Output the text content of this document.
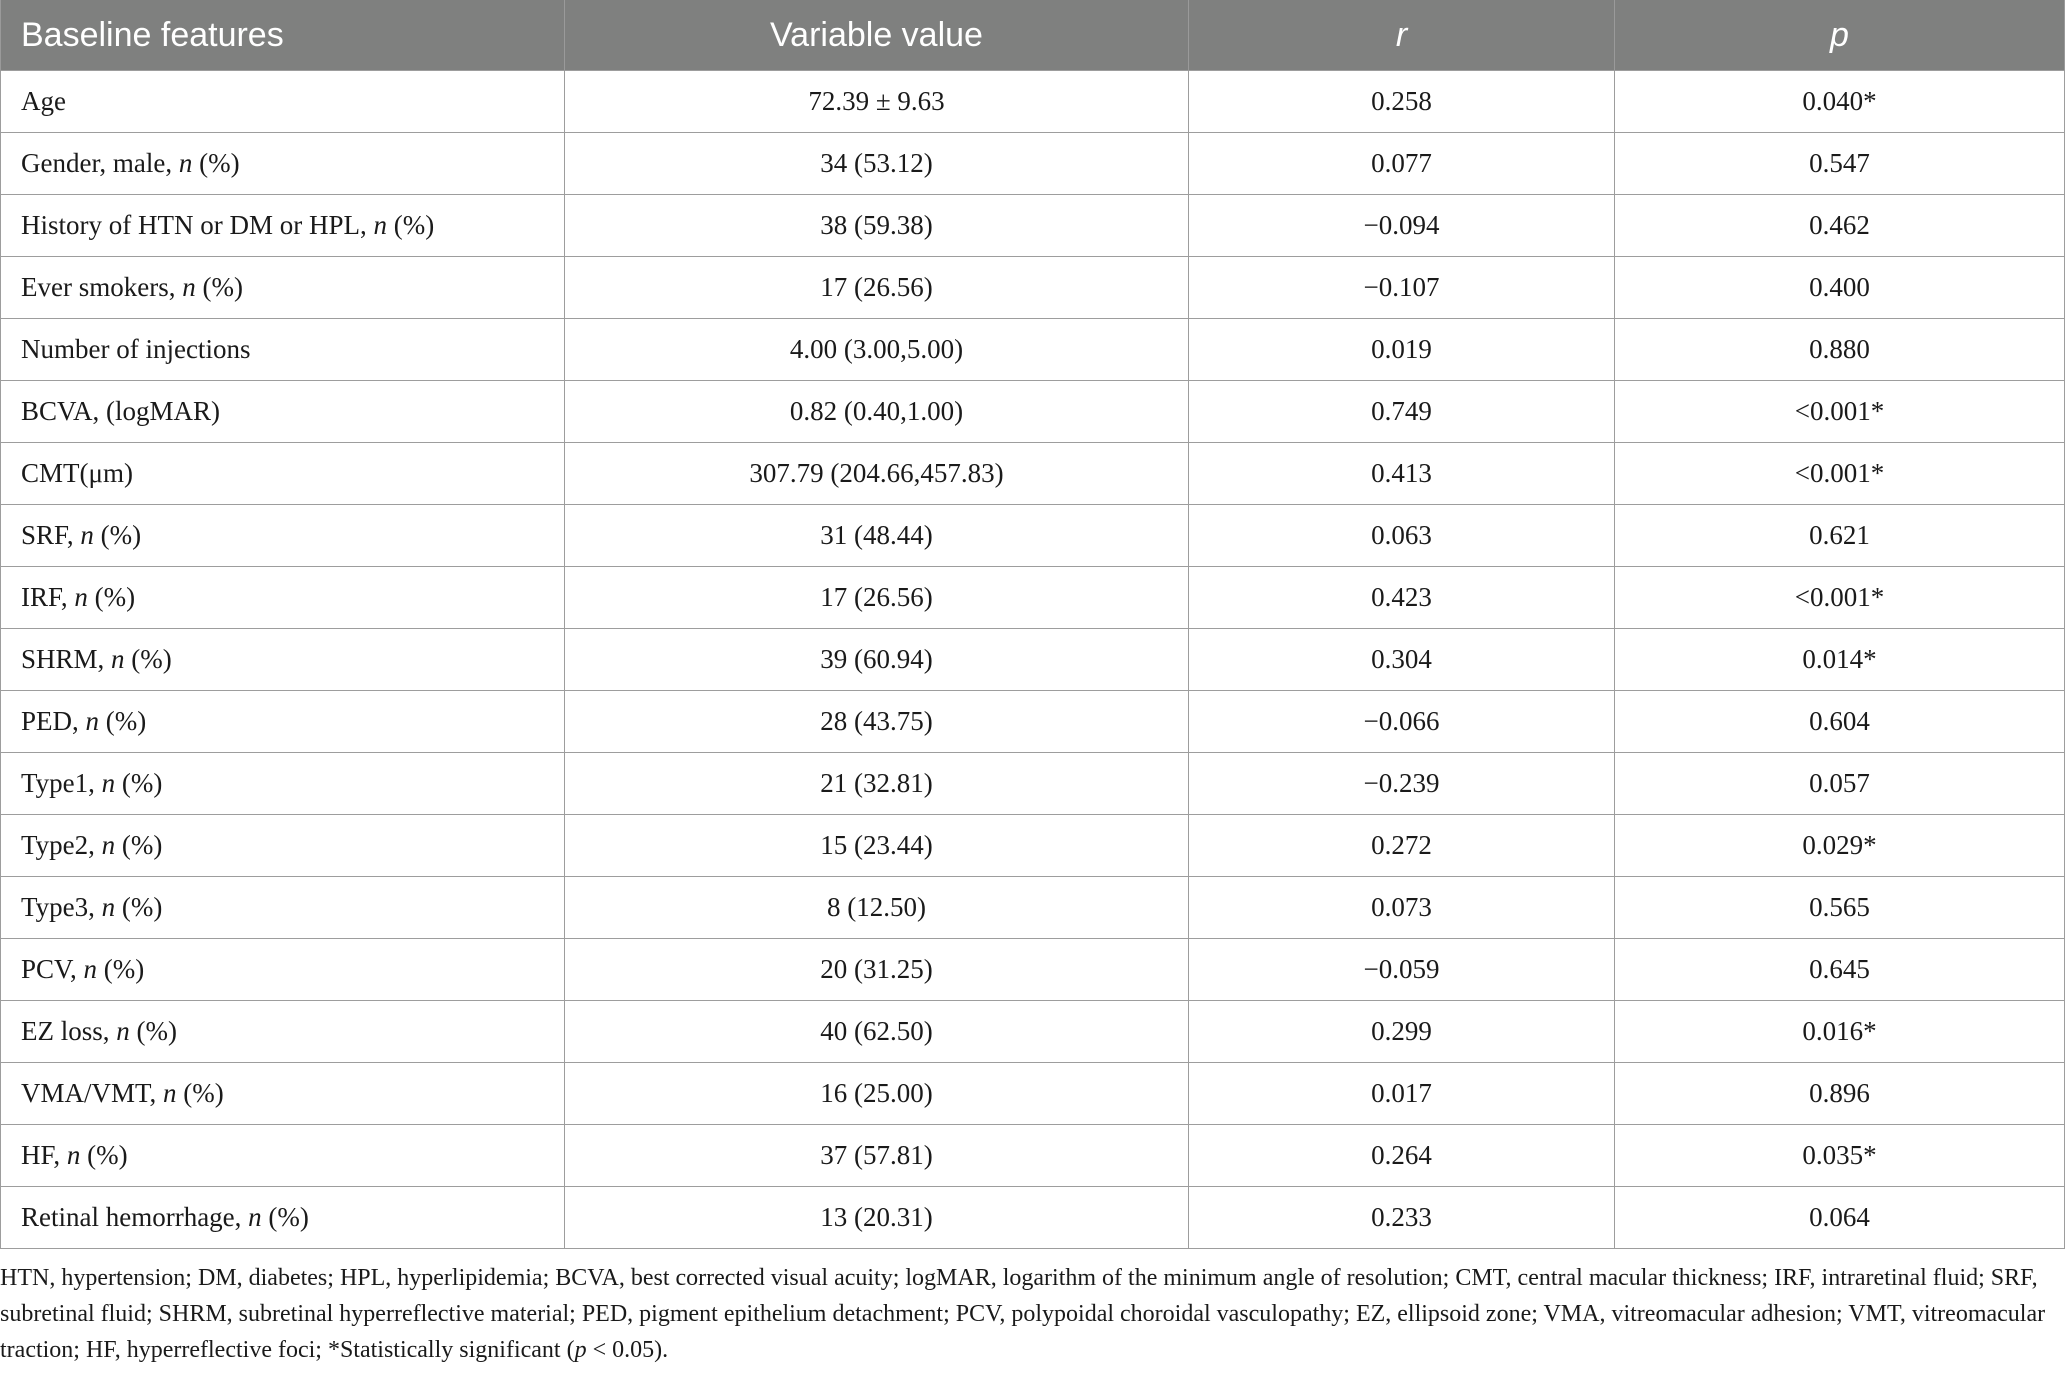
Baseline features	Variable value	r	p
Age	72.39 ± 9.63	0.258	0.040*
Gender, male, n (%)	34 (53.12)	0.077	0.547
History of HTN or DM or HPL, n (%)	38 (59.38)	−0.094	0.462
Ever smokers, n (%)	17 (26.56)	−0.107	0.400
Number of injections	4.00 (3.00,5.00)	0.019	0.880
BCVA, (logMAR)	0.82 (0.40,1.00)	0.749	<0.001*
CMT(μm)	307.79 (204.66,457.83)	0.413	<0.001*
SRF, n (%)	31 (48.44)	0.063	0.621
IRF, n (%)	17 (26.56)	0.423	<0.001*
SHRM, n (%)	39 (60.94)	0.304	0.014*
PED, n (%)	28 (43.75)	−0.066	0.604
Type1, n (%)	21 (32.81)	−0.239	0.057
Type2, n (%)	15 (23.44)	0.272	0.029*
Type3, n (%)	8 (12.50)	0.073	0.565
PCV, n (%)	20 (31.25)	−0.059	0.645
EZ loss, n (%)	40 (62.50)	0.299	0.016*
VMA/VMT, n (%)	16 (25.00)	0.017	0.896
HF, n (%)	37 (57.81)	0.264	0.035*
Retinal hemorrhage, n (%)	13 (20.31)	0.233	0.064
HTN, hypertension; DM, diabetes; HPL, hyperlipidemia; BCVA, best corrected visual acuity; logMAR, logarithm of the minimum angle of resolution; CMT, central macular thickness; IRF, intraretinal fluid; SRF, subretinal fluid; SHRM, subretinal hyperreflective material; PED, pigment epithelium detachment; PCV, polypoidal choroidal vasculopathy; EZ, ellipsoid zone; VMA, vitreomacular adhesion; VMT, vitreomacular traction; HF, hyperreflective foci; *Statistically significant (p < 0.05).
